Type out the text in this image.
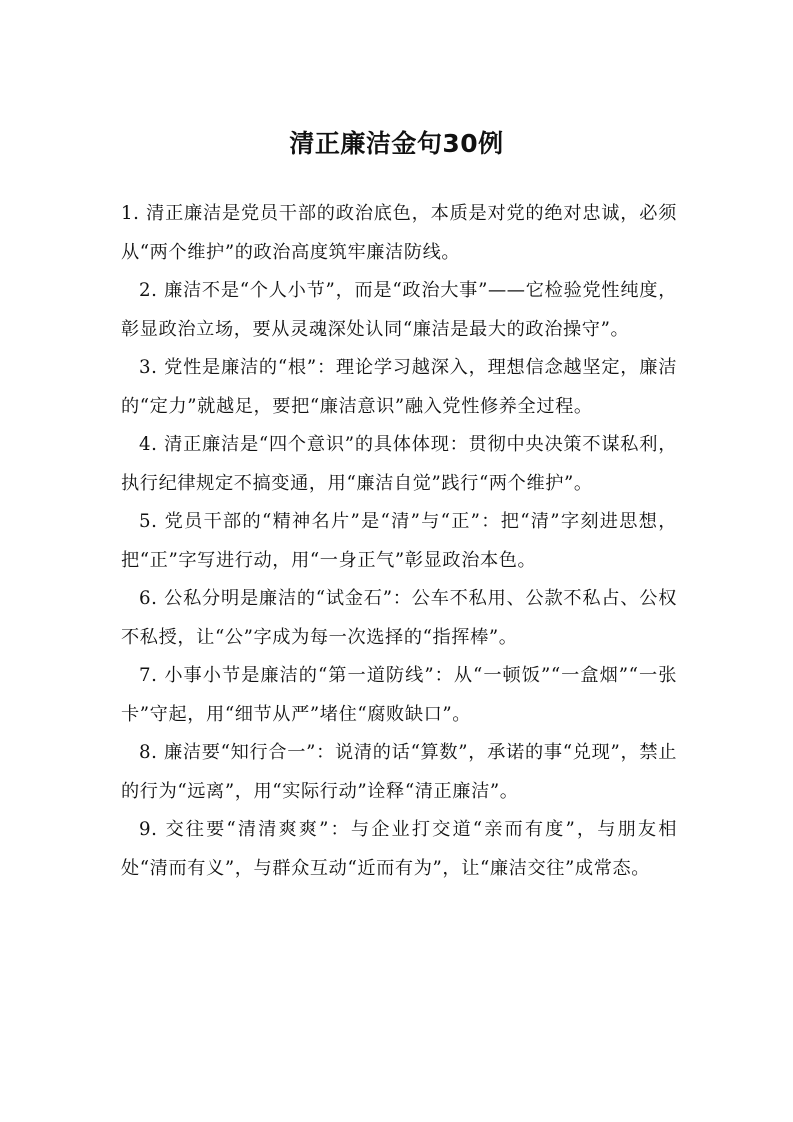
清正廉洁金句30例

1. 清正廉洁是党员干部的政治底色，本质是对党的绝对忠诚，必须从“两个维护”的政治高度筑牢廉洁防线。

2. 廉洁不是“个人小节”，而是“政治大事”——它检验党性纯度，彰显政治立场，要从灵魂深处认同“廉洁是最大的政治操守”。

3. 党性是廉洁的“根”：理论学习越深入，理想信念越坚定，廉洁的“定力”就越足，要把“廉洁意识”融入党性修养全过程。

4. 清正廉洁是“四个意识”的具体体现：贯彻中央决策不谋私利，执行纪律规定不搞变通，用“廉洁自觉”践行“两个维护”。

5. 党员干部的“精神名片”是“清”与“正”：把“清”字刻进思想，把“正”字写进行动，用“一身正气”彰显政治本色。

6. 公私分明是廉洁的“试金石”：公车不私用、公款不私占、公权不私授，让“公”字成为每一次选择的“指挥棒”。

7. 小事小节是廉洁的“第一道防线”：从“一顿饭”“一盒烟”“一张卡”守起，用“细节从严”堵住“腐败缺口”。

8. 廉洁要“知行合一”：说清的话“算数”，承诺的事“兑现”，禁止的行为“远离”，用“实际行动”诠释“清正廉洁”。

9. 交往要“清清爽爽”：与企业打交道“亲而有度”，与朋友相处“清而有义”，与群众互动“近而有为”，让“廉洁交往”成常态。
